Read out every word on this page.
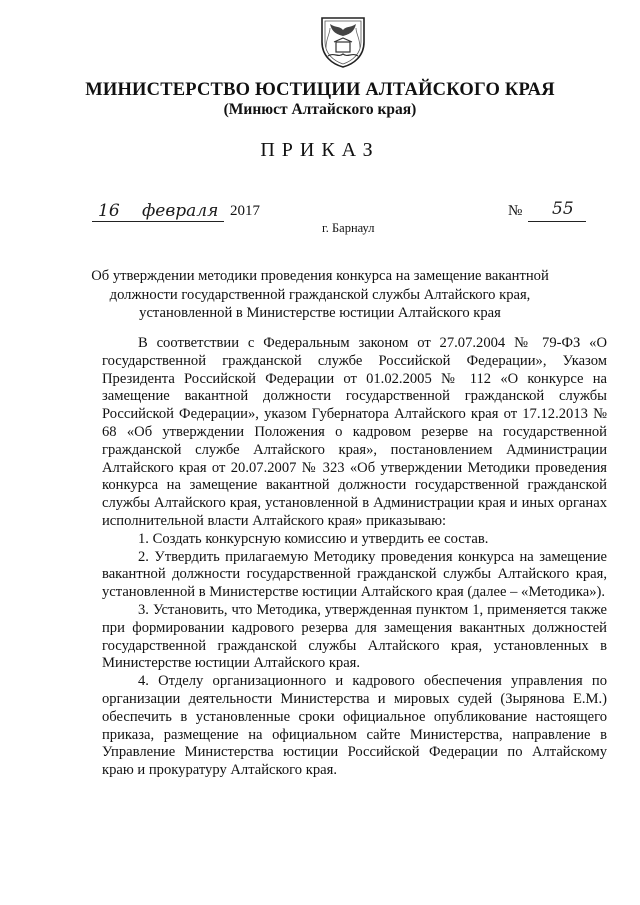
МИНИСТЕРСТВО ЮСТИЦИИ АЛТАЙСКОГО КРАЯ
(Минюст Алтайского края)
ПРИКАЗ
16 февраля 2017	№ 55
г. Барнаул
Об утверждении методики проведения конкурса на замещение вакантной должности государственной гражданской службы Алтайского края, установленной в Министерстве юстиции Алтайского края

В соответствии с Федеральным законом от 27.07.2004 № 79-ФЗ «О государственной гражданской службе Российской Федерации», Указом Президента Российской Федерации от 01.02.2005 № 112 «О конкурсе на замещение вакантной должности государственной гражданской службы Российской Федерации», указом Губернатора Алтайского края от 17.12.2013 № 68 «Об утверждении Положения о кадровом резерве на государственной гражданской службе Алтайского края», постановлением Администрации Алтайского края от 20.07.2007 № 323 «Об утверждении Методики проведения конкурса на замещение вакантной должности государственной гражданской службы Алтайского края, установленной в Администрации края и иных органах исполнительной власти Алтайского края» приказываю:

1. Создать конкурсную комиссию и утвердить ее состав.

2. Утвердить прилагаемую Методику проведения конкурса на замещение вакантной должности государственной гражданской службы Алтайского края, установленной в Министерстве юстиции Алтайского края (далее – «Методика»).

3. Установить, что Методика, утвержденная пунктом 1, применяется также при формировании кадрового резерва для замещения вакантных должностей государственной гражданской службы Алтайского края, установленных в Министерстве юстиции Алтайского края.

4. Отделу организационного и кадрового обеспечения управления по организации деятельности Министерства и мировых судей (Зырянова Е.М.) обеспечить в установленные сроки официальное опубликование настоящего приказа, размещение на официальном сайте Министерства, направление в Управление Министерства юстиции Российской Федерации по Алтайскому краю и прокуратуру Алтайского края.
